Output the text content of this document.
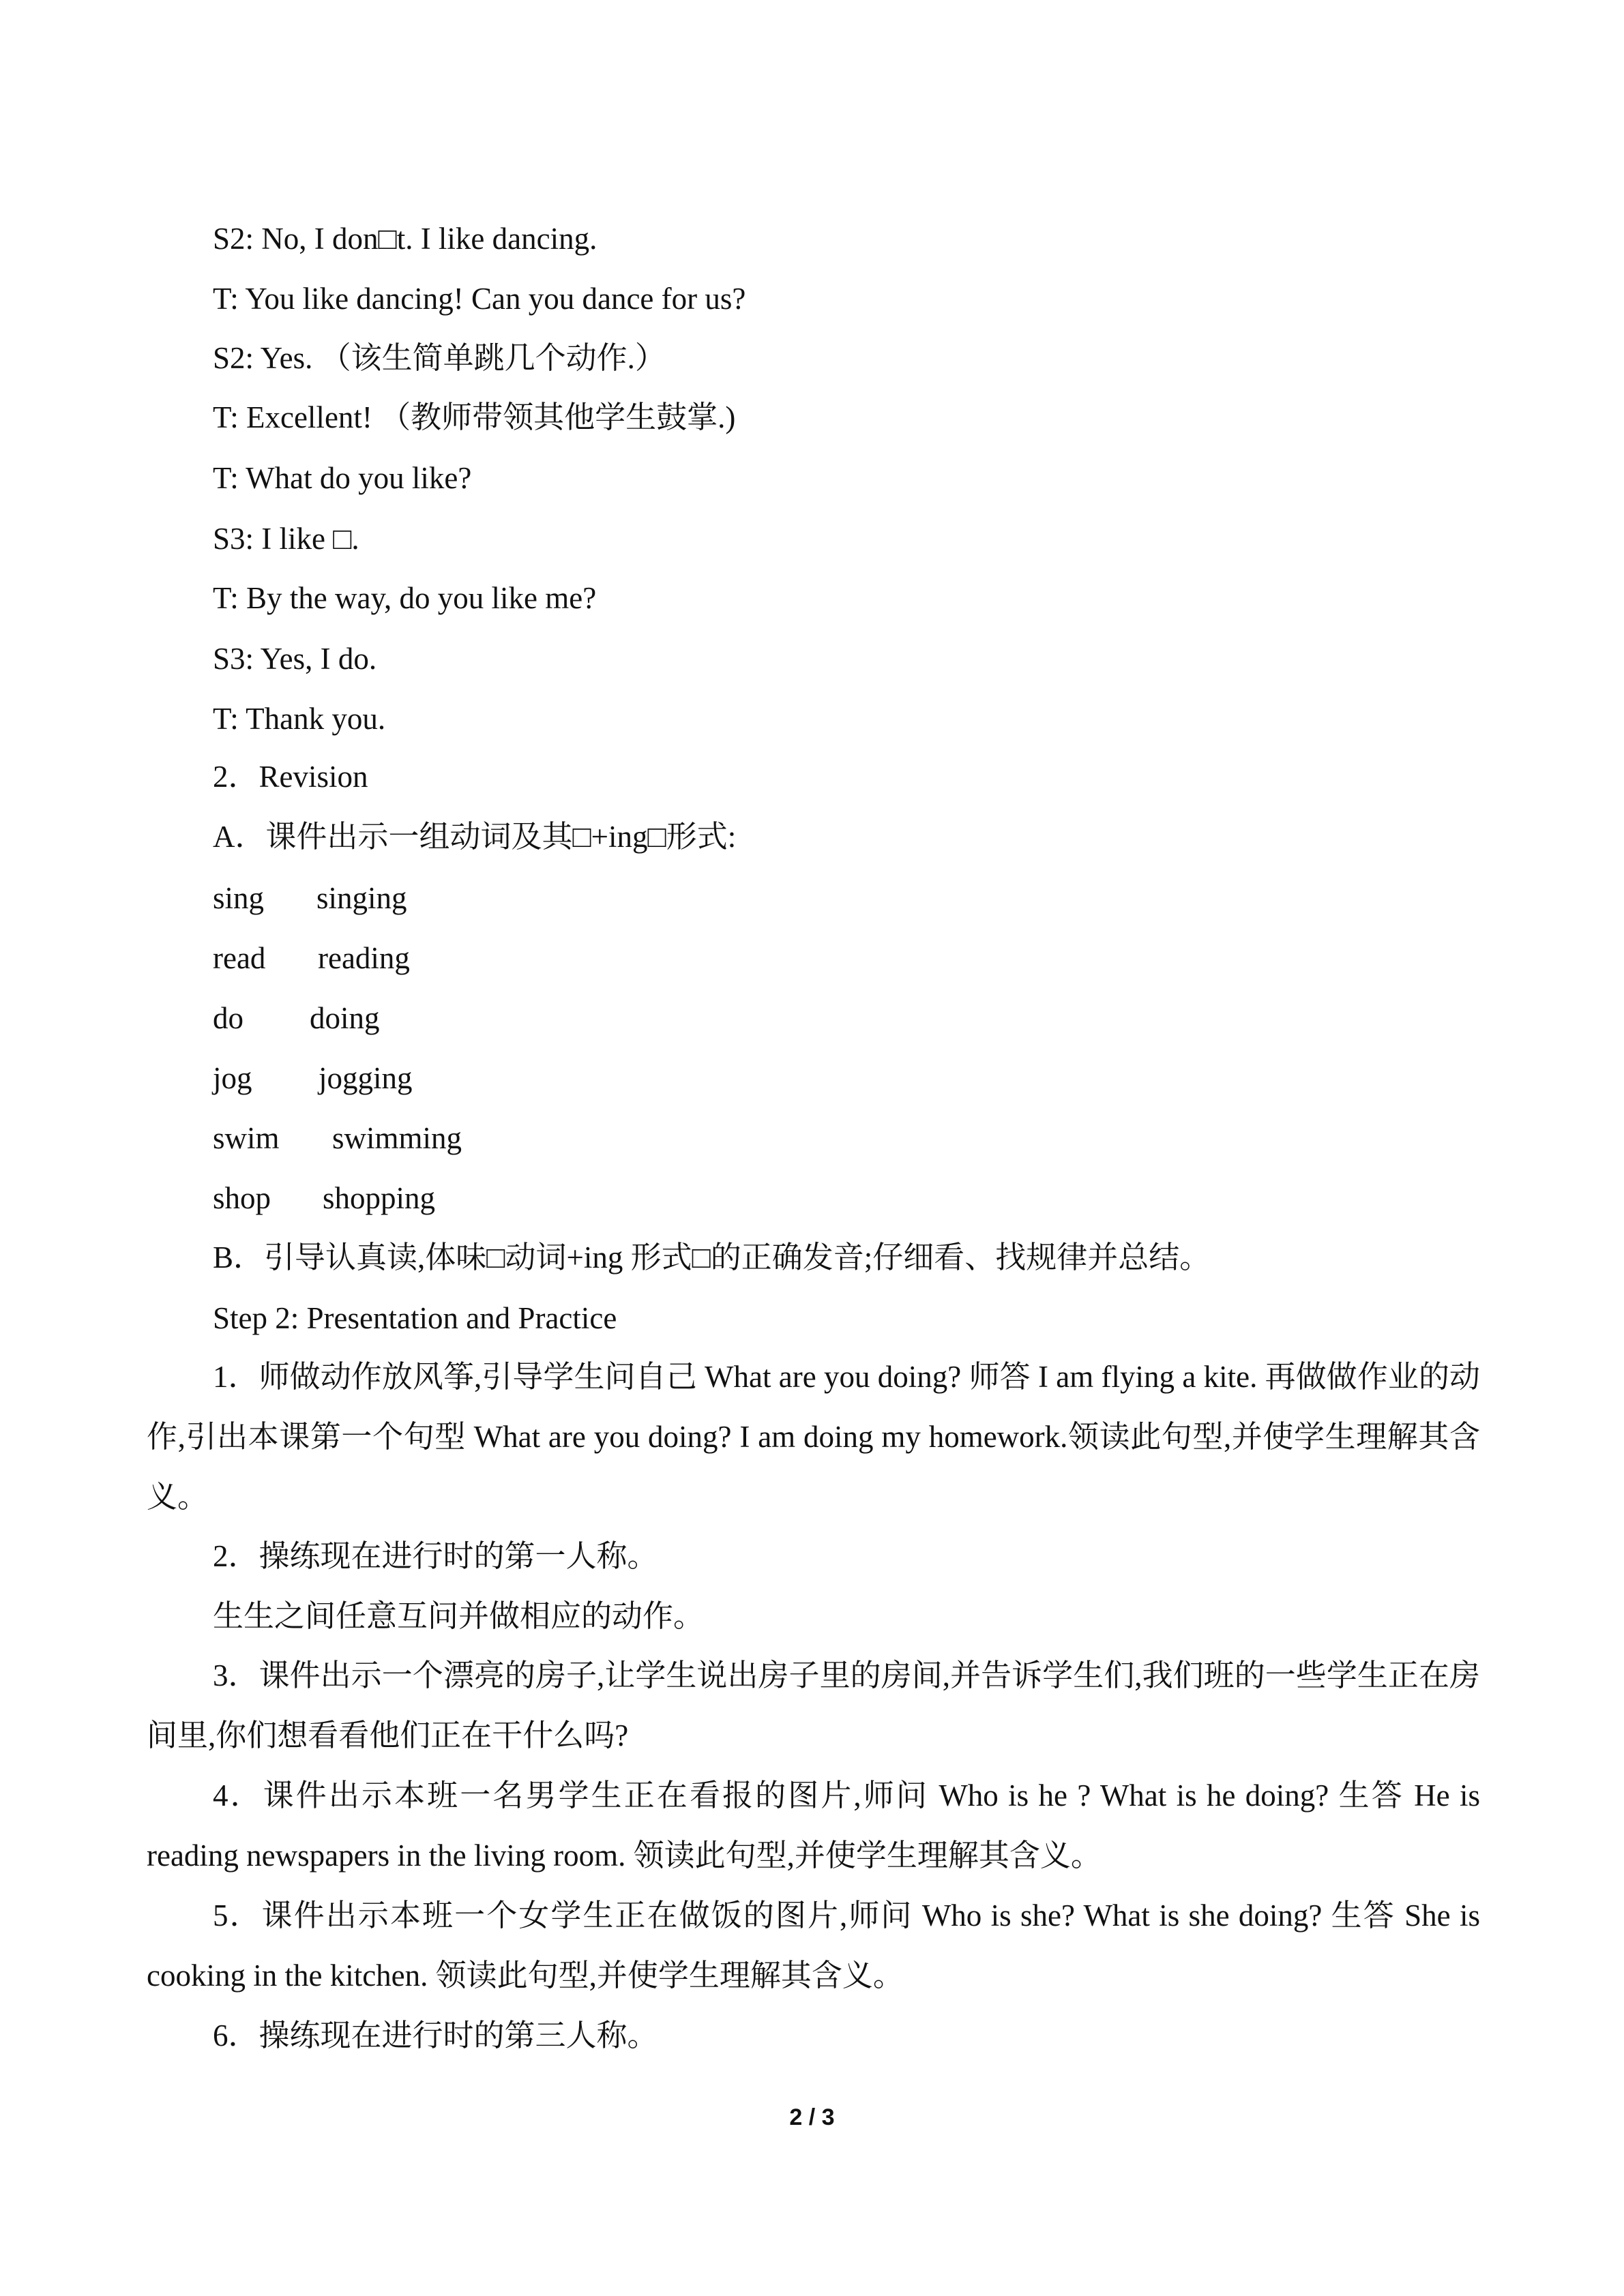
S2: No, I don□t. I like dancing.
T: You like dancing! Can you dance for us?
S2: Yes. （该生简单跳几个动作.）
T: Excellent! （教师带领其他学生鼓掌.)
T: What do you like?
S3: I like □.
T: By the way, do you like me?
S3: Yes, I do.
T: Thank you.
2．Revision
A．课件出示一组动词及其□+ing□形式:
sing singing
read reading
do doing
jog jogging
swim swimming
shop shopping
B．引导认真读,体味□动词+ing 形式□的正确发音;仔细看、找规律并总结。
Step 2: Presentation and Practice
1．师做动作放风筝,引导学生问自己 What are you doing? 师答 I am flying a kite. 再做做作业的动作,引出本课第一个句型 What are you doing? I am doing my homework.领读此句型,并使学生理解其含义。
2．操练现在进行时的第一人称。
生生之间任意互问并做相应的动作。
3．课件出示一个漂亮的房子,让学生说出房子里的房间,并告诉学生们,我们班的一些学生正在房间里,你们想看看他们正在干什么吗?
4．课件出示本班一名男学生正在看报的图片,师问 Who is he ? What is he doing? 生答 He is reading newspapers in the living room. 领读此句型,并使学生理解其含义。
5．课件出示本班一个女学生正在做饭的图片,师问 Who is she? What is she doing? 生答 She is cooking in the kitchen. 领读此句型,并使学生理解其含义。
6．操练现在进行时的第三人称。
2 / 3
